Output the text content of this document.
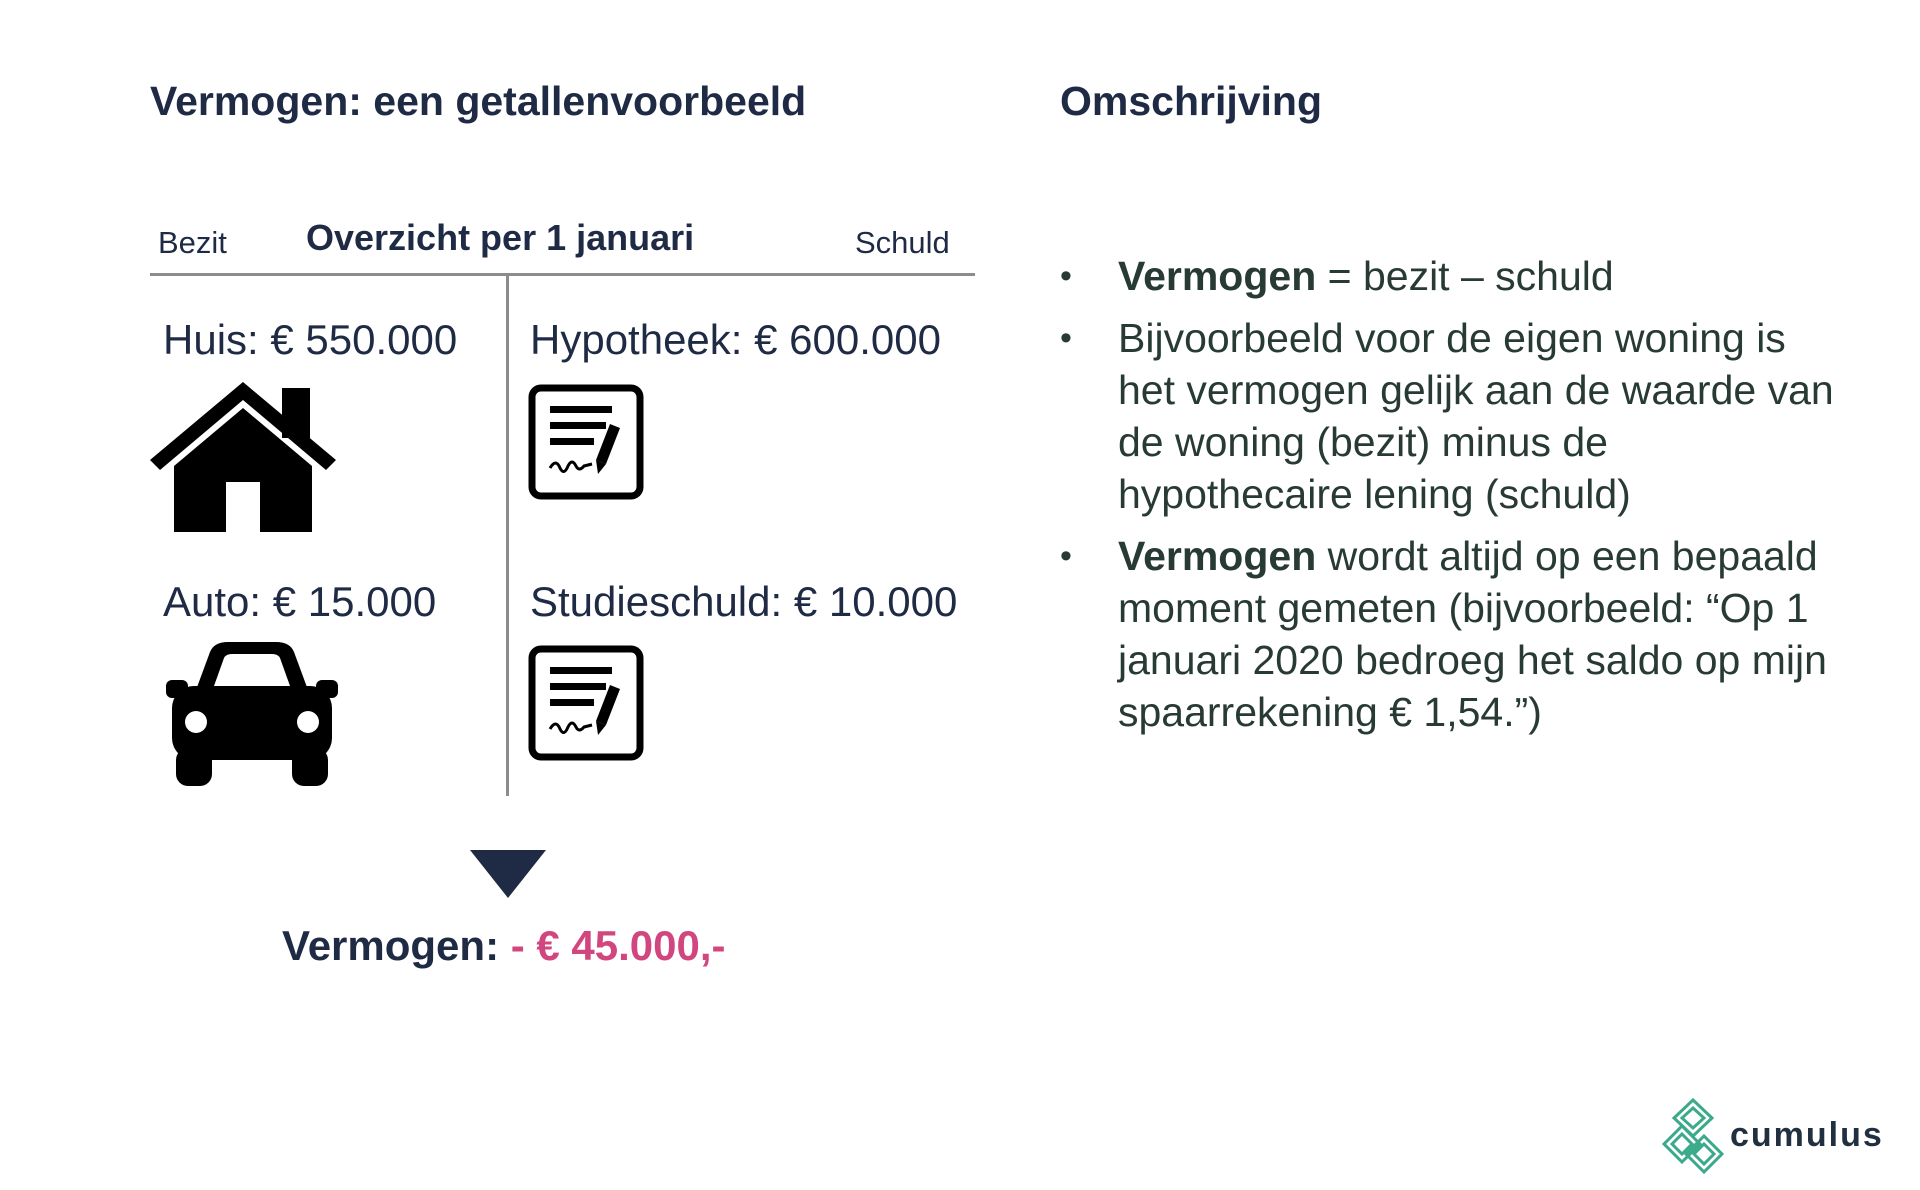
Vermogen: een getallenvoorbeeld	Omschrijving
Bezit Overzicht per 1 januari	Schuld
Huis: € 550.000 Hypotheek: € 600.000
Auto: € 15.000 Studieschuld: € 10.000
Vermogen: - € 45.000,-
• Vermogen = bezit – schuld
• Bijvoorbeeld voor de eigen woning is het vermogen gelijk aan de waarde van de woning (bezit) minus de hypothecaire lening (schuld)
• Vermogen wordt altijd op een bepaald moment gemeten (bijvoorbeeld: “Op 1 januari 2020 bedroeg het saldo op mijn spaarrekening € 1,54.”)
cumulus
